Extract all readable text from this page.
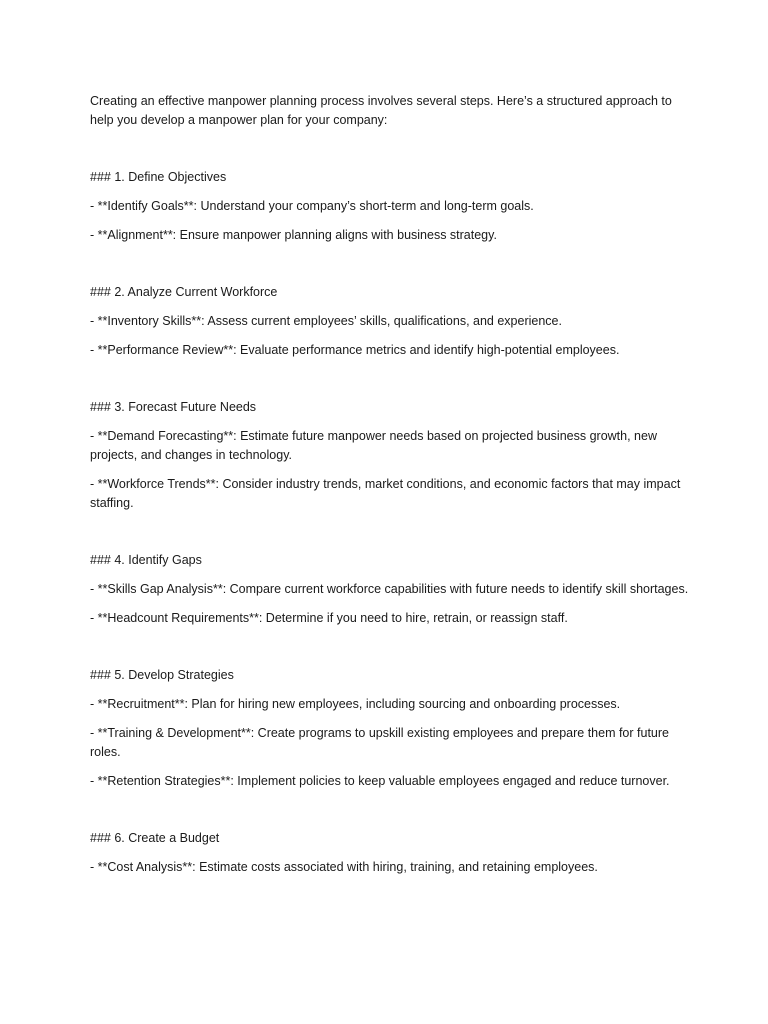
Creating an effective manpower planning process involves several steps. Here’s a structured approach to help you develop a manpower plan for your company:

### 1. Define Objectives

- **Identify Goals**: Understand your company’s short-term and long-term goals.

- **Alignment**: Ensure manpower planning aligns with business strategy.

### 2. Analyze Current Workforce

- **Inventory Skills**: Assess current employees’ skills, qualifications, and experience.

- **Performance Review**: Evaluate performance metrics and identify high-potential employees.

### 3. Forecast Future Needs

- **Demand Forecasting**: Estimate future manpower needs based on projected business growth, new projects, and changes in technology.

- **Workforce Trends**: Consider industry trends, market conditions, and economic factors that may impact staffing.

### 4. Identify Gaps

- **Skills Gap Analysis**: Compare current workforce capabilities with future needs to identify skill shortages.

- **Headcount Requirements**: Determine if you need to hire, retrain, or reassign staff.

### 5. Develop Strategies

- **Recruitment**: Plan for hiring new employees, including sourcing and onboarding processes.

- **Training & Development**: Create programs to upskill existing employees and prepare them for future roles.

- **Retention Strategies**: Implement policies to keep valuable employees engaged and reduce turnover.

### 6. Create a Budget

- **Cost Analysis**: Estimate costs associated with hiring, training, and retaining employees.
